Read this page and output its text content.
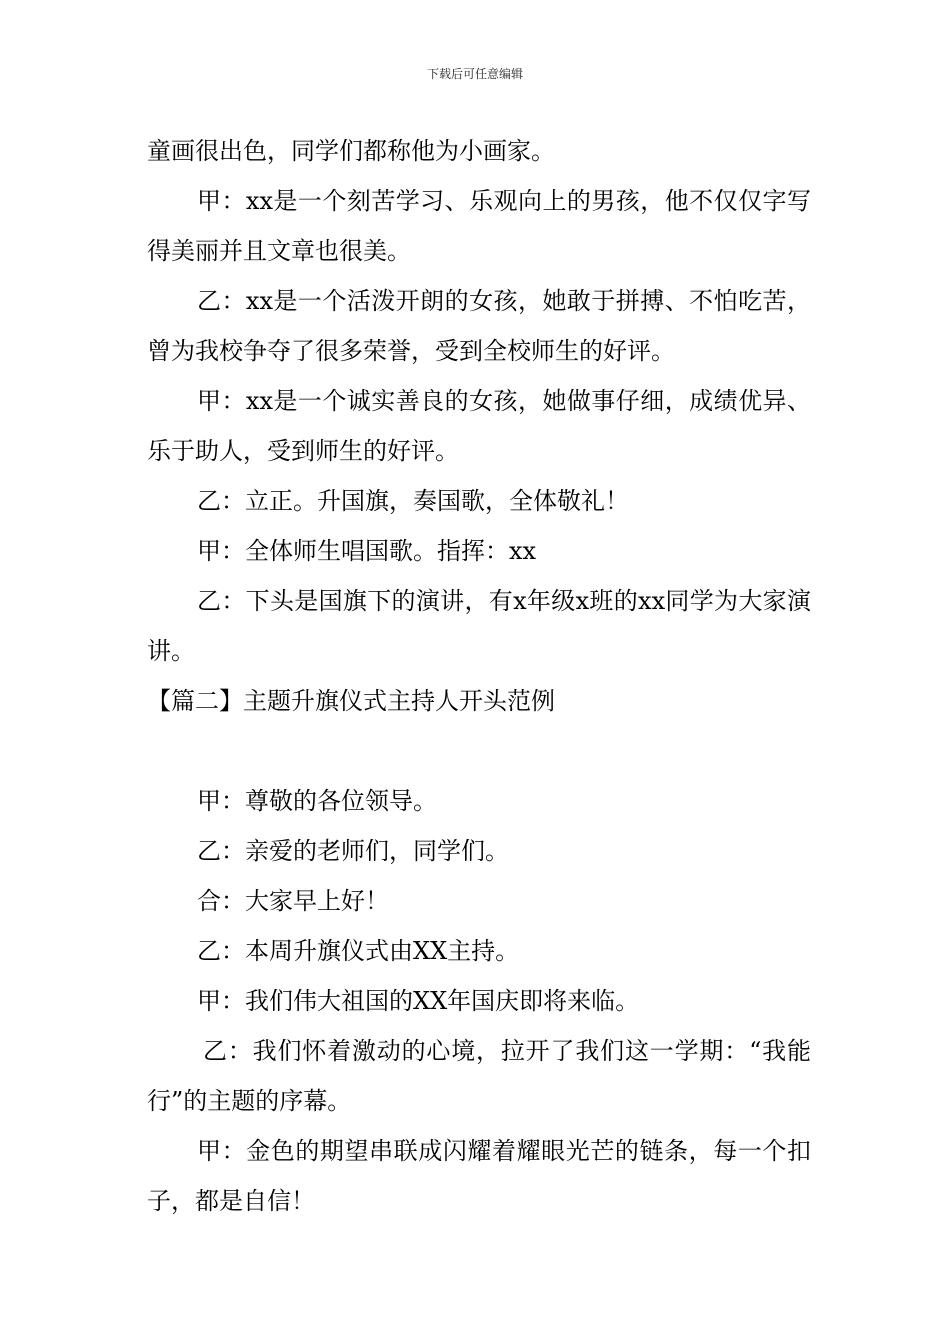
下载后可任意编辑

童画很出色，同学们都称他为小画家。

甲：xx是一个刻苦学习、乐观向上的男孩，他不仅仅字写得美丽并且文章也很美。

乙：xx是一个活泼开朗的女孩，她敢于拼搏、不怕吃苦，曾为我校争夺了很多荣誉，受到全校师生的好评。

甲：xx是一个诚实善良的女孩，她做事仔细，成绩优异、乐于助人，受到师生的好评。

乙：立正。升国旗，奏国歌，全体敬礼！

甲：全体师生唱国歌。指挥：xx

乙：下头是国旗下的演讲，有x年级x班的xx同学为大家演讲。

【篇二】主题升旗仪式主持人开头范例

甲：尊敬的各位领导。

乙：亲爱的老师们，同学们。

合：大家早上好！

乙：本周升旗仪式由XX主持。

甲：我们伟大祖国的XX年国庆即将来临。

乙：我们怀着激动的心境，拉开了我们这一学期：“我能行”的主题的序幕。

甲：金色的期望串联成闪耀着耀眼光芒的链条，每一个扣子，都是自信！
